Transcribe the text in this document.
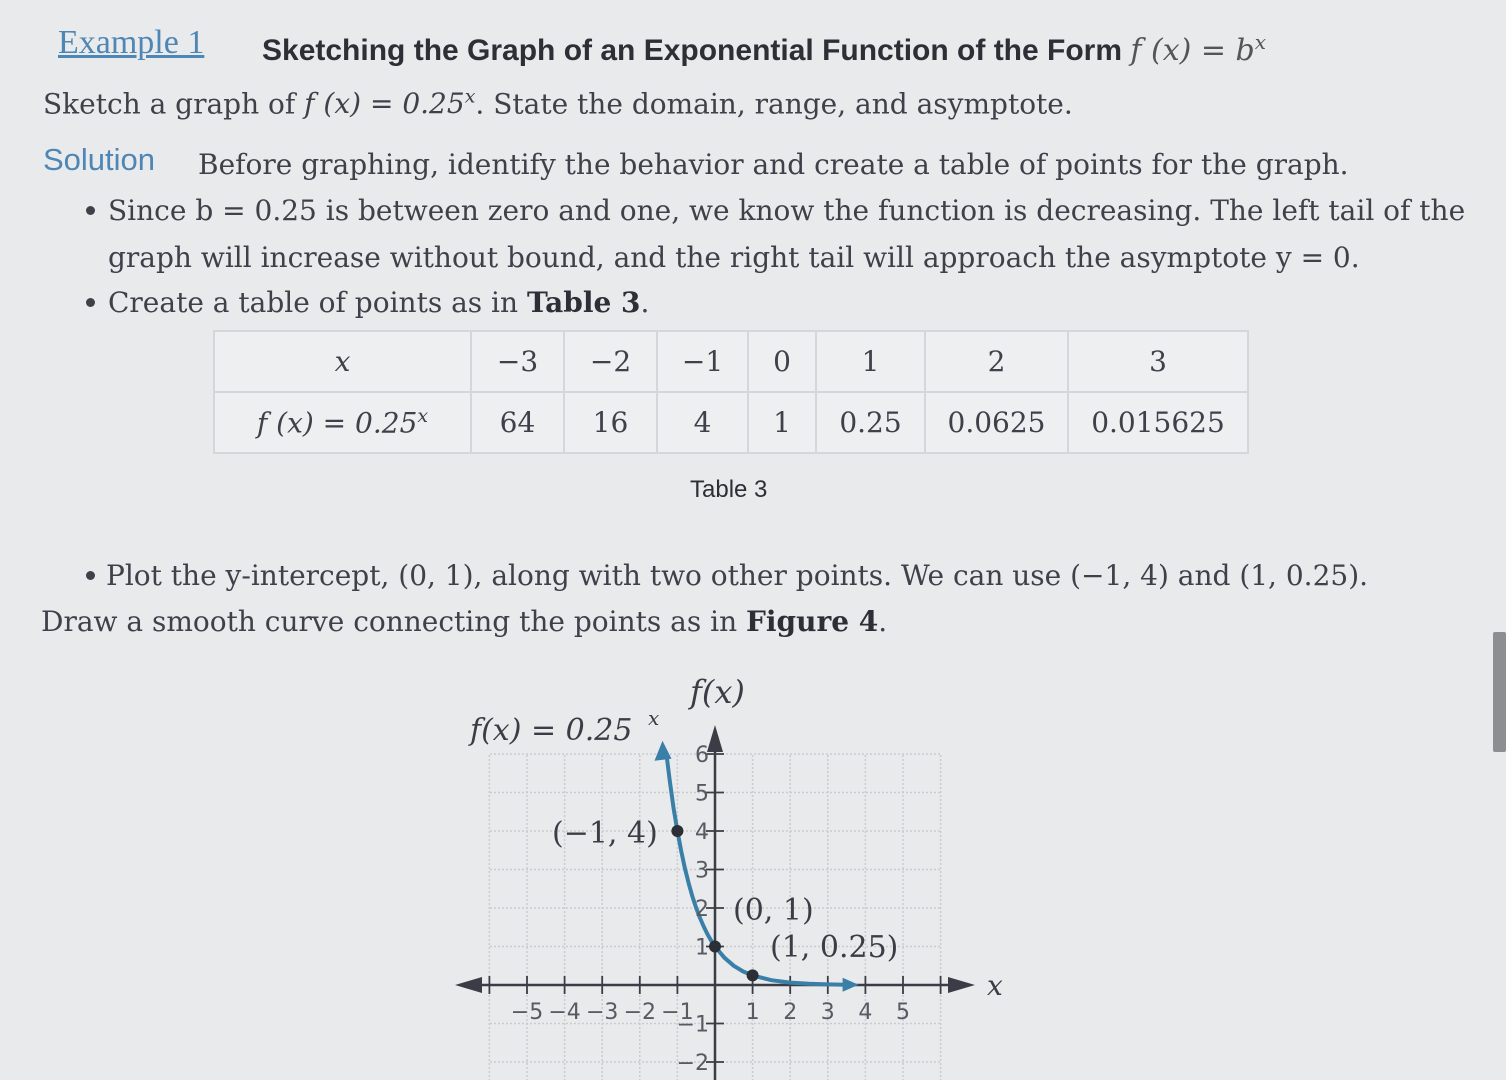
Example 1 Sketching the Graph of an Exponential Function of the Form f $(x) = b^x$
Sketch a graph of f $(x) = 0.25^x$. State the domain, range, and asymptote.
Solution Before graphing, identify the behavior and create a table of points for the graph.
Since b = 0.25 is between zero and one, we know the function is decreasing. The left tail of the
graph will increase without bound, and the right tail will approach the asymptote y = 0.
Create a table of points as in Table 3.
x	−3	−2	−1	0	1	2	3
f $(x) = 0.25^x$	64	16	4	1	0.25	0.0625	0.015625
Table 3
Plot the y-intercept, (0, 1), along with two other points. We can use (−1, 4) and (1, 0.25).
Draw a smooth curve connecting the points as in Figure 4.
−5 −4 −3 −2 −1 1 2 3 4 5
6
5
4
3
2
1
−1
−2
f(x)
x
f(x) = 0.25 x
(−1, 4)
(0, 1)
(1, 0.25)
